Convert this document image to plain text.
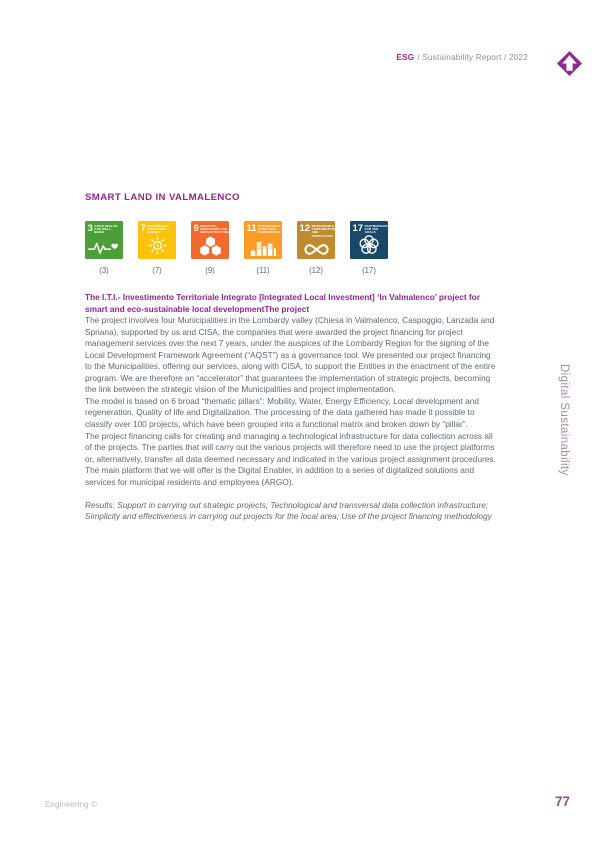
ESG / Sustainability Report / 2022
SMART LAND IN VALMALENCO
3 GOOD HEALTH AND WELL-BEING	7 AFFORDABLE AND CLEAN ENERGY	9 INDUSTRY, INNOVATION AND INFRASTRUCTURE 11 SUSTAINABLE CITIES AND COMMUNITIES 12 RESPONSIBLE CONSUMPTION AND PRODUCTION
17 PARTNERSHIPS FOR THE GOALS
(3)	(7)	(9)	(11)	(12)	(17)

The I.T.I.- Investimento Territoriale Integrato [Integrated Local Investment] ‘In Valmalenco’ project for smart and eco-sustainable local developmentThe project

The project involves four Municipalities in the Lombardy valley (Chiesa in Valmalenco, Caspoggio, Lanzada and Spriana), supported by us and CISA, the companies that were awarded the project financing for project management services over the next 7 years, under the auspices of the Lombardy Region for the signing of the Local Development Framework Agreement (“AQST”) as a governance tool. We presented our project financing to the Municipalities, offering our services, along with CISA, to support the Entities in the enactment of the entire program. We are therefore an “accelerator” that guarantees the implementation of strategic projects, becoming the link between the strategic vision of the Municipalities and project implementation.

The model is based on 6 broad “thematic pillars”: Mobility, Water, Energy Efficiency, Local development and regeneration, Quality of life and Digitalization. The processing of the data gathered has made it possible to classify over 100 projects, which have been grouped into a functional matrix and broken down by “pillar”.

The project financing calls for creating and managing a technological infrastructure for data collection across all of the projects. The parties that will carry out the various projects will therefore need to use the project platforms or, alternatively, transfer all data deemed necessary and indicated in the various project assignment procedures.

The main platform that we will offer is the Digital Enabler, in addition to a series of digitalized solutions and services for municipal residents and employees (ARGO).

Results: Support in carrying out strategic projects; Technological and transversal data collection infrastructure; Simplicity and effectiveness in carrying out projects for the local area; Use of the project financing methodology

Digital Sustainability
Engineering ©	77
